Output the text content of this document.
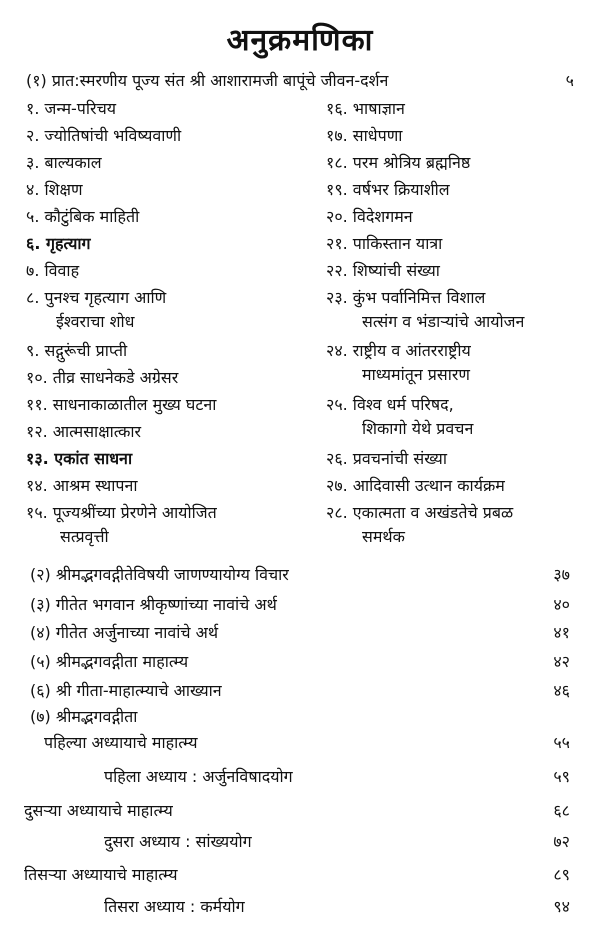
अनुक्रमणिका
(१) प्रात:स्मरणीय पूज्य संत श्री आशारामजी बापूंचे जीवन-दर्शन	५
१. जन्म-परिचय
२. ज्योतिषांची भविष्यवाणी
३. बाल्यकाल
४. शिक्षण
५. कौटुंबिक माहिती
६. गृहत्याग
७. विवाह
८. पुनश्च गृहत्याग आणि
ईश्वराचा शोध
९. सद्गुरूंची प्राप्ती
१०. तीव्र साधनेकडे अग्रेसर
११. साधनाकाळातील मुख्य घटना
१२. आत्मसाक्षात्कार
१३. एकांत साधना
१४. आश्रम स्थापना
१५. पूज्यश्रींच्या प्रेरणेने आयोजित
सत्प्रवृत्ती
१६. भाषाज्ञान
१७. साधेपणा
१८. परम श्रोत्रिय ब्रह्मनिष्ठ
१९. वर्षभर क्रियाशील
२०. विदेशगमन
२१. पाकिस्तान यात्रा
२२. शिष्यांची संख्या
२३. कुंभ पर्वानिमित्त विशाल
सत्संग व भंडाऱ्यांचे आयोजन
२४. राष्ट्रीय व आंतरराष्ट्रीय
माध्यमांतून प्रसारण
२५. विश्व धर्म परिषद,
शिकागो येथे प्रवचन
२६. प्रवचनांची संख्या
२७. आदिवासी उत्थान कार्यक्रम
२८. एकात्मता व अखंडतेचे प्रबळ
समर्थक
(२) श्रीमद्भगवद्गीतेविषयी जाणण्यायोग्य विचार	३७
(३) गीतेत भगवान श्रीकृष्णांच्या नावांचे अर्थ	४०
(४) गीतेत अर्जुनाच्या नावांचे अर्थ	४१
(५) श्रीमद्भगवद्गीता माहात्म्य	४२
(६) श्री गीता-माहात्म्याचे आख्यान	४६
(७) श्रीमद्भगवद्गीता
पहिल्या अध्यायाचे माहात्म्य	५५
पहिला अध्याय : अर्जुनविषादयोग	५९
दुसऱ्या अध्यायाचे माहात्म्य	६८
दुसरा अध्याय : सांख्ययोग	७२
तिसऱ्या अध्यायाचे माहात्म्य	८९
तिसरा अध्याय : कर्मयोग	९४
